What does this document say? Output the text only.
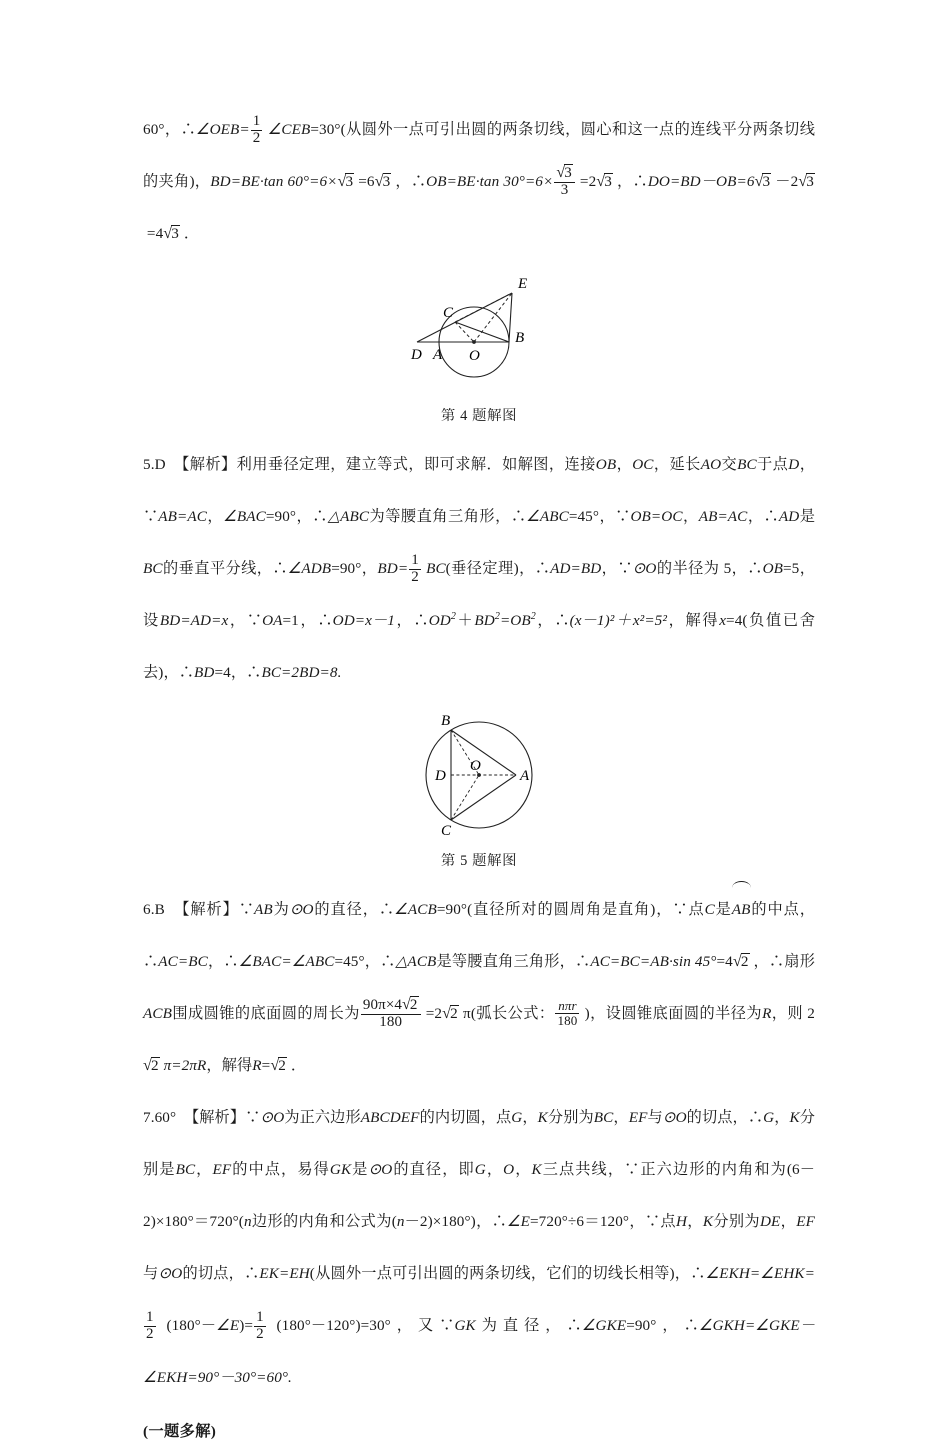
60°，∴∠OEB= $\frac{1}{2}$ ∠CEB=30°(从圆外一点可引出圆的两条切线，圆心和这一点的连线平分两条切线的夹角)，BD=BE·tan 60°=6×√3 =6√3 ，∴OB=BE·tan $30^\circ=6\times \frac{√3}{3} =2√3$ ，∴DO=BD－OB=6√3 －2√3 =4√3 ．
E
C
B
D A O
第 4 题解图
5.D 【解析】利用垂径定理，建立等式，即可求解．如解图，连接OB，OC，延长AO交BC于点D，∵AB=AC，∠BAC=90°，∴△ABC为等腰直角三角形，∴∠ABC=45°，∵OB=OC，AB=AC，∴AD是BC的垂直平分线，∴∠ADB=90°，$BD= \frac{1}{2} BC$(垂径定理)，∴AD=BD，∵⊙O的半径为 5，∴OB=5，设BD=AD=x，∵OA=1，∴OD=x－1，$\therefore OD^2+BD^2=OB^2$，∴(x－1)²＋x²=5²，解得x=4(负值已舍去)，∴BD=4，∴BC=2BD=8.
B
D
O
A
C
第 5 题解图
6.B 【解析】∵AB为⊙O的直径，∴∠ACB=90°(直径所对的圆周角是直角)，∵点C是
AB的中点，∴AC=BC，∴∠BAC=∠ABC=45°，∴△ACB是等腰直角三角形，∴AC=BC=AB·sin 45°=4√2 ，∴扇形ACB围成圆锥的底面圆的周长为 $\frac{90\pi\times 4√2}{180} =2√2$ π(弧长公式： $\frac{\text{nπr}}{180}$ )，设圆锥底面圆的半径为R，则 2√2 π=2πR，解得R=√2 ．
7.60° 【解析】∵⊙O为正六边形ABCDEF的内切圆，点G，K分别为BC，EF与⊙O的切点，∴G，K分别是BC，EF的中点，易得GK是⊙O的直径，即G，O，K三点共线，∵正六边形的内角和为(6－2)×180°＝720°(n边形的内角和公式为(n－2)×180°)，∴∠E=720°÷6＝120°，∵点H，K分别为DE，EF与⊙O的切点，∴EK=EH(从圆外一点可引出圆的两条切线，它们的切线长相等)，∴∠EKH=∠EHK=
$\frac{1}{2}$ (180°－∠E)= $\frac{1}{2} (180^\circ-120^\circ)=30^\circ$，又∵GK为直径，∴∠GKE=90°，∴∠GKH=∠GKE－∠EKH=90°－30°=60°.
(一题多解)
